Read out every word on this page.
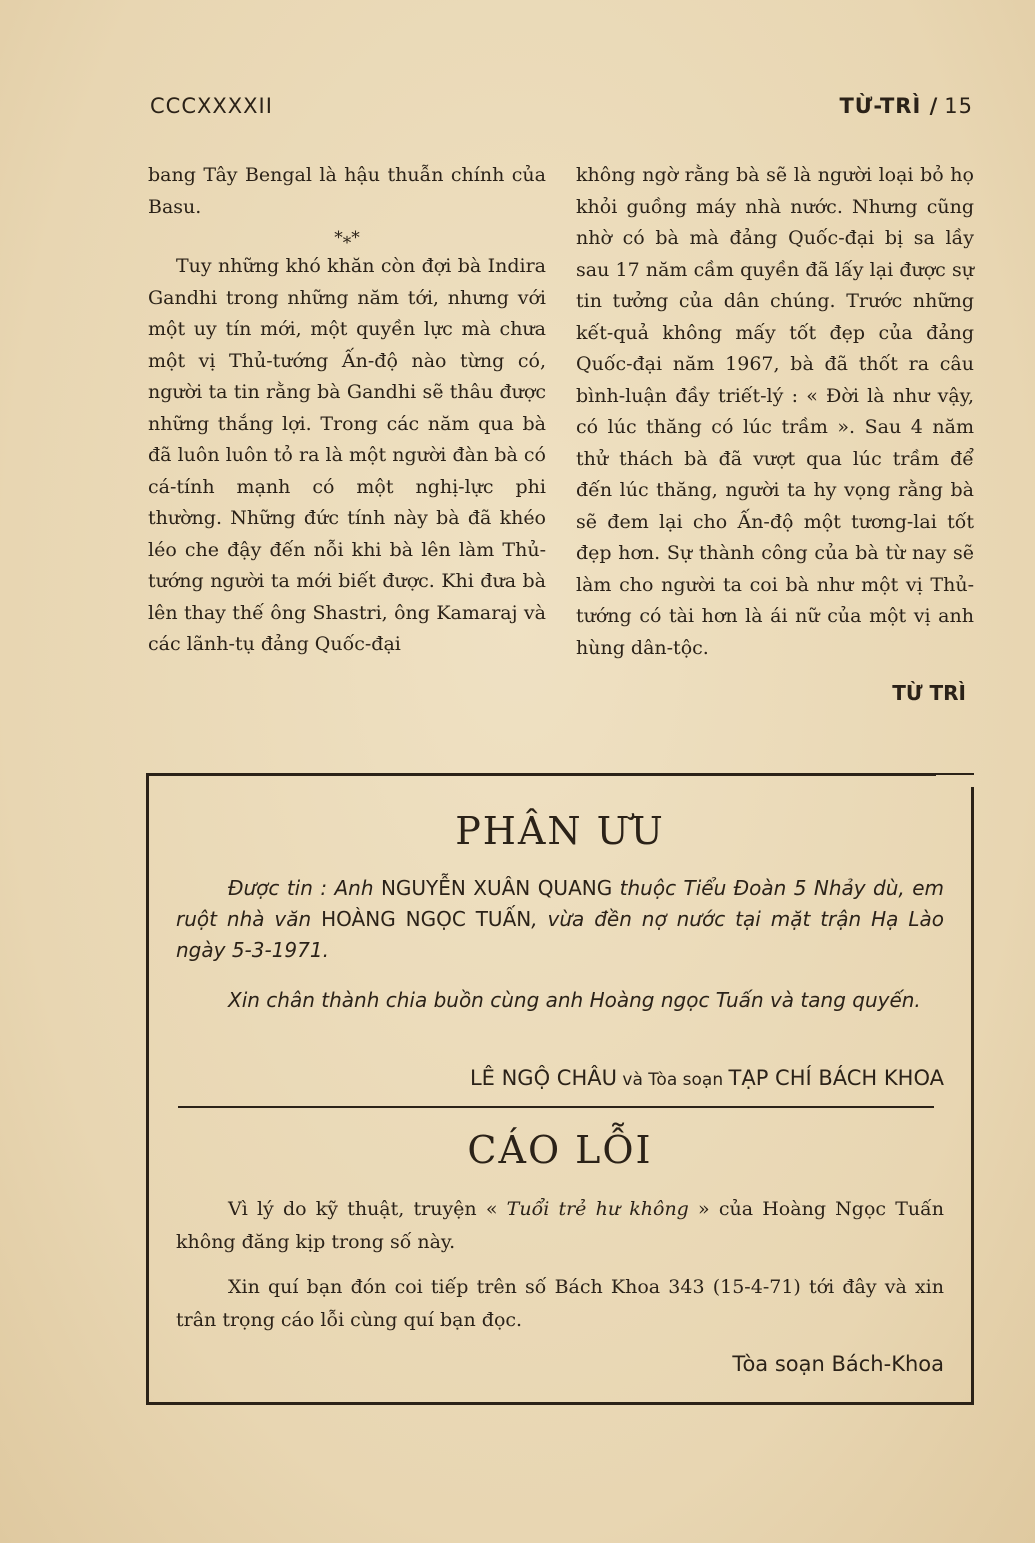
CCCXXXXII	TỪ-TRÌ / 15

bang Tây Bengal là hậu thuẫn chính của Basu.

*⁎*

Tuy những khó khăn còn đợi bà Indira Gandhi trong những năm tới, nhưng với một uy tín mới, một quyền lực mà chưa một vị Thủ-tướng Ấn-độ nào từng có, người ta tin rằng bà Gandhi sẽ thâu được những thắng lợi. Trong các năm qua bà đã luôn luôn tỏ ra là một người đàn bà có cá-tính mạnh có một nghị-lực phi thường. Những đức tính này bà đã khéo léo che đậy đến nỗi khi bà lên làm Thủ-tướng người ta mới biết được. Khi đưa bà lên thay thế ông Shastri, ông Kamaraj và các lãnh-tụ đảng Quốc-đại

không ngờ rằng bà sẽ là người loại bỏ họ khỏi guồng máy nhà nước. Nhưng cũng nhờ có bà mà đảng Quốc-đại bị sa lầy sau 17 năm cầm quyền đã lấy lại được sự tin tưởng của dân chúng. Trước những kết-quả không mấy tốt đẹp của đảng Quốc-đại năm 1967, bà đã thốt ra câu bình-luận đầy triết-lý : « Đời là như vậy, có lúc thăng có lúc trầm ». Sau 4 năm thử thách bà đã vượt qua lúc trầm để đến lúc thăng, người ta hy vọng rằng bà sẽ đem lại cho Ấn-độ một tương-lai tốt đẹp hơn. Sự thành công của bà từ nay sẽ làm cho người ta coi bà như một vị Thủ-tướng có tài hơn là ái nữ của một vị anh hùng dân-tộc.

TỪ TRÌ
PHÂN ƯU
Được tin : Anh NGUYỄN XUÂN QUANG thuộc Tiểu Đoàn 5 Nhảy dù, em ruột nhà văn HOÀNG NGỌC TUẤN, vừa đền nợ nước tại mặt trận Hạ Lào ngày 5-3-1971.
Xin chân thành chia buồn cùng anh Hoàng ngọc Tuấn và tang quyến.
LÊ NGỘ CHÂU và Tòa soạn TẠP CHÍ BÁCH KHOA
CÁO LỖI
Vì lý do kỹ thuật, truyện « Tuổi trẻ hư không » của Hoàng Ngọc Tuấn không đăng kịp trong số này.
Xin quí bạn đón coi tiếp trên số Bách Khoa 343 (15-4-71) tới đây và xin trân trọng cáo lỗi cùng quí bạn đọc.
Tòa soạn Bách-Khoa
